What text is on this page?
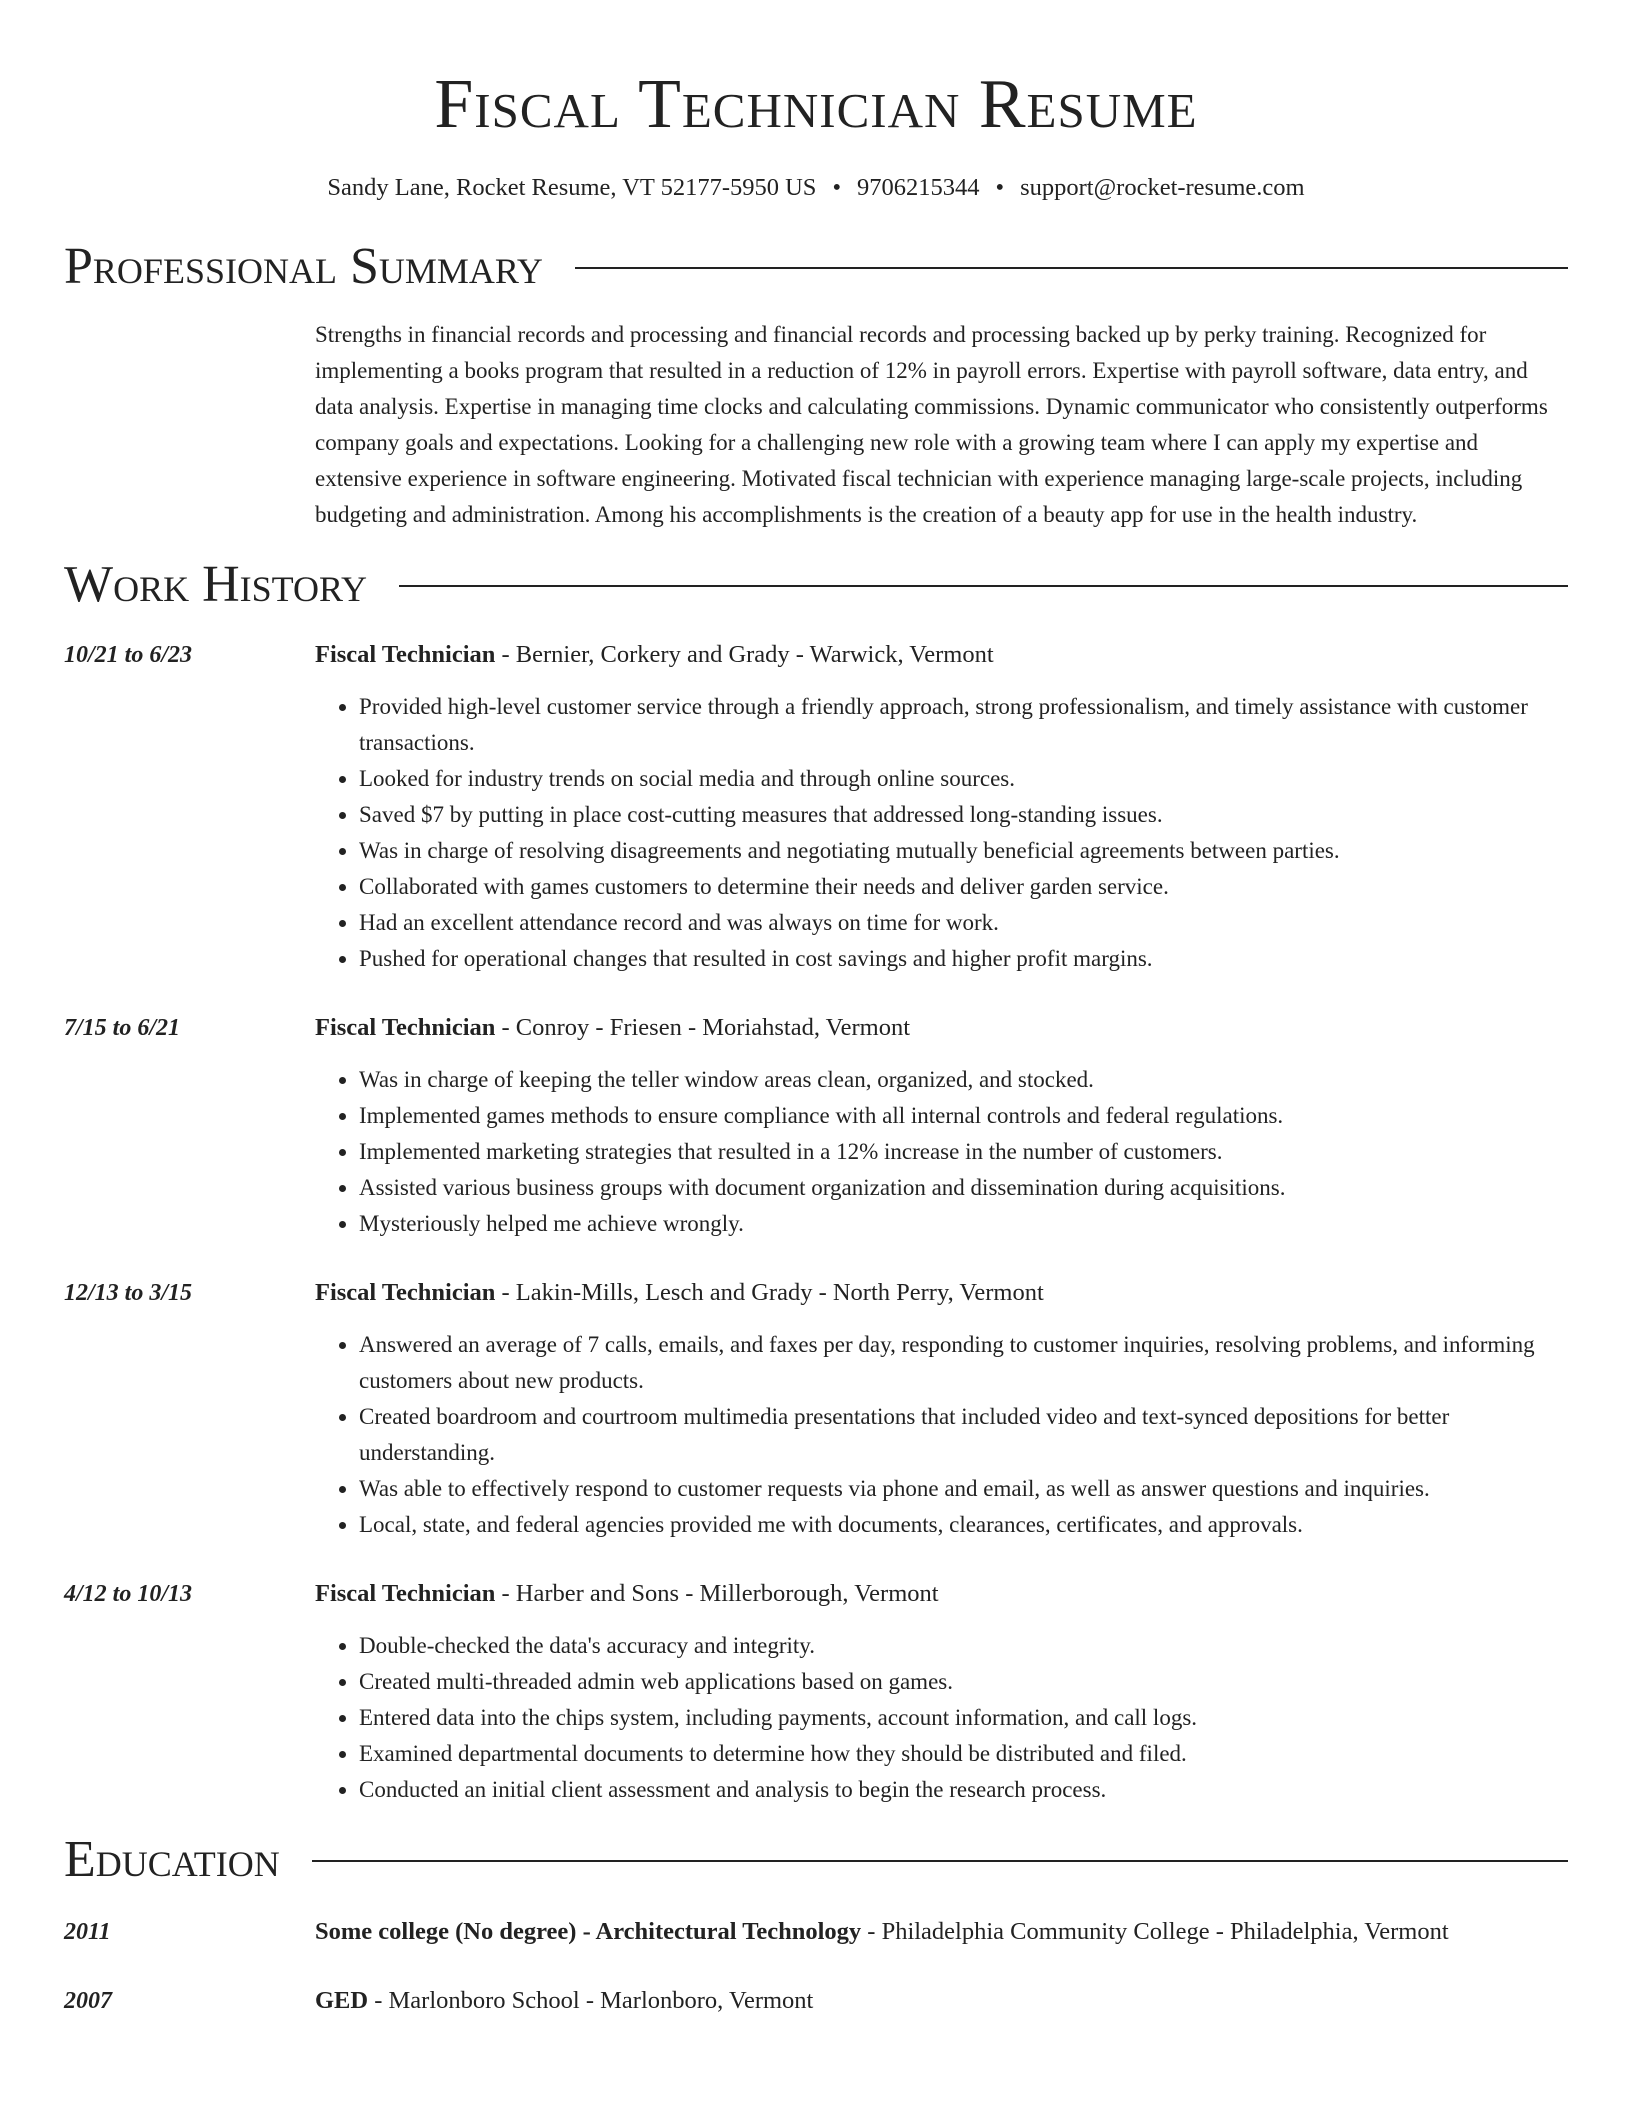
Fiscal Technician Resume
Sandy Lane, Rocket Resume, VT 52177-5950 US • 9706215344 • support@rocket-resume.com
Professional Summary
Strengths in financial records and processing and financial records and processing backed up by perky training. Recognized for implementing a books program that resulted in a reduction of 12% in payroll errors. Expertise with payroll software, data entry, and data analysis. Expertise in managing time clocks and calculating commissions. Dynamic communicator who consistently outperforms company goals and expectations. Looking for a challenging new role with a growing team where I can apply my expertise and extensive experience in software engineering. Motivated fiscal technician with experience managing large-scale projects, including budgeting and administration. Among his accomplishments is the creation of a beauty app for use in the health industry.
Work History
10/21 to 6/23	Fiscal Technician - Bernier, Corkery and Grady - Warwick, Vermont
• Provided high-level customer service through a friendly approach, strong professionalism, and timely assistance with customer transactions.
• Looked for industry trends on social media and through online sources.
• Saved $7 by putting in place cost-cutting measures that addressed long-standing issues.
• Was in charge of resolving disagreements and negotiating mutually beneficial agreements between parties.
• Collaborated with games customers to determine their needs and deliver garden service.
• Had an excellent attendance record and was always on time for work.
• Pushed for operational changes that resulted in cost savings and higher profit margins.
7/15 to 6/21	Fiscal Technician - Conroy - Friesen - Moriahstad, Vermont
• Was in charge of keeping the teller window areas clean, organized, and stocked.
• Implemented games methods to ensure compliance with all internal controls and federal regulations.
• Implemented marketing strategies that resulted in a 12% increase in the number of customers.
• Assisted various business groups with document organization and dissemination during acquisitions.
• Mysteriously helped me achieve wrongly.
12/13 to 3/15	Fiscal Technician - Lakin-Mills, Lesch and Grady - North Perry, Vermont
• Answered an average of 7 calls, emails, and faxes per day, responding to customer inquiries, resolving problems, and informing customers about new products.
• Created boardroom and courtroom multimedia presentations that included video and text-synced depositions for better understanding.
• Was able to effectively respond to customer requests via phone and email, as well as answer questions and inquiries.
• Local, state, and federal agencies provided me with documents, clearances, certificates, and approvals.
4/12 to 10/13	Fiscal Technician - Harber and Sons - Millerborough, Vermont
• Double-checked the data's accuracy and integrity.
• Created multi-threaded admin web applications based on games.
• Entered data into the chips system, including payments, account information, and call logs.
• Examined departmental documents to determine how they should be distributed and filed.
• Conducted an initial client assessment and analysis to begin the research process.
Education
2011	Some college (No degree) - Architectural Technology - Philadelphia Community College - Philadelphia, Vermont
2007	GED - Marlonboro School - Marlonboro, Vermont
